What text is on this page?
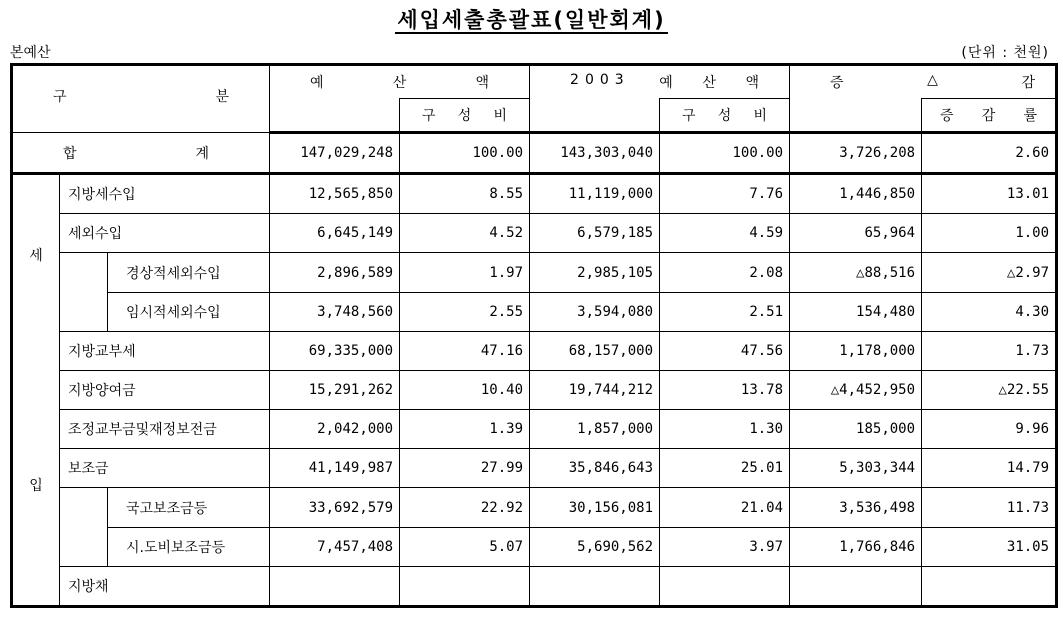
세입세출총괄표(일반회계)
본예산	(단위 : 천원)
구 분			예 산 액		2003 예 산 액		증 △ 감	

				구 성 비		구 성 비		증 감 률

합 계			147,029,248	100.00	143,303,040	100.00	3,726,208	2.60

세
입	지방세수입		12,565,850	8.55	11,119,000	7.76	1,446,850	13.01
	세외수입		6,645,149	4.52	6,579,185	4.59	65,964	1.00
		경상적세외수입	2,896,589	1.97	2,985,105	2.08	△88,516	△2.97
		임시적세외수입	3,748,560	2.55	3,594,080	2.51	154,480	4.30
	지방교부세		69,335,000	47.16	68,157,000	47.56	1,178,000	1.73
	지방양여금		15,291,262	10.40	19,744,212	13.78	△4,452,950	△22.55
	조정교부금및재정보전금		2,042,000	1.39	1,857,000	1.30	185,000	9.96
	보조금		41,149,987	27.99	35,846,643	25.01	5,303,344	14.79
		국고보조금등	33,692,579	22.92	30,156,081	21.04	3,536,498	11.73
		시.도비보조금등	7,457,408	5.07	5,690,562	3.97	1,766,846	31.05
	지방채							
